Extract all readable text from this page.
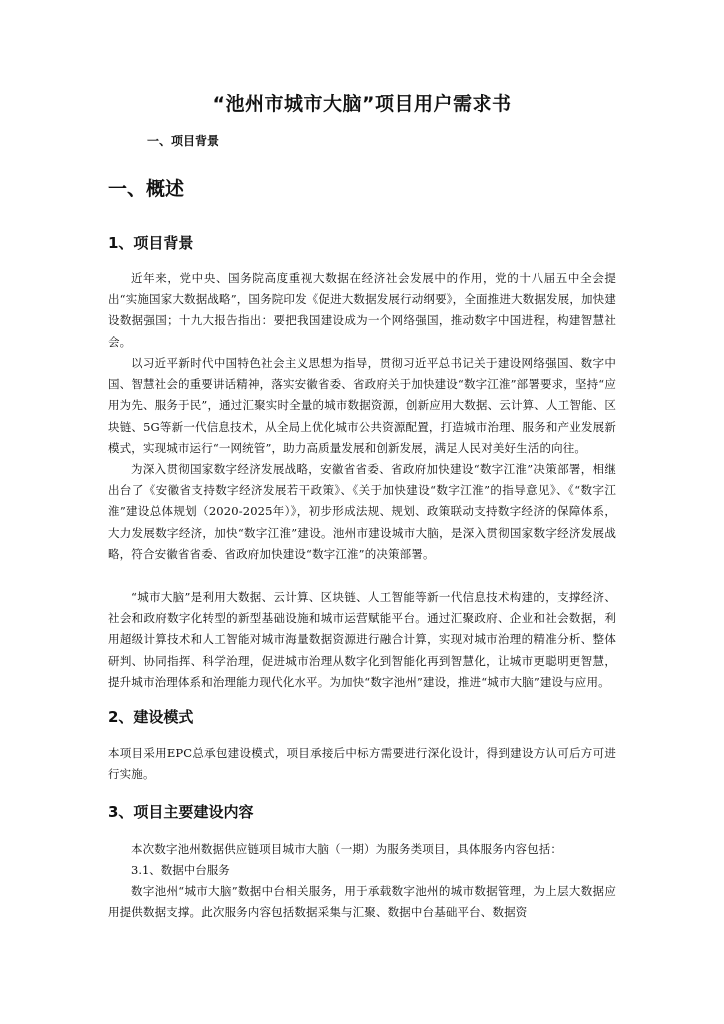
“池州市城市大脑”项目用户需求书
一、项目背景
一、概述
1、项目背景
近年来，党中央、国务院高度重视大数据在经济社会发展中的作用，党的十八届五中全会提出“实施国家大数据战略”，国务院印发《促进大数据发展行动纲要》，全面推进大数据发展，加快建设数据强国；十九大报告指出：要把我国建设成为一个网络强国，推动数字中国进程，构建智慧社会。
以习近平新时代中国特色社会主义思想为指导，贯彻习近平总书记关于建设网络强国、数字中国、智慧社会的重要讲话精神，落实安徽省委、省政府关于加快建设“数字江淮”部署要求，坚持“应用为先、服务于民”，通过汇聚实时全量的城市数据资源，创新应用大数据、云计算、人工智能、区块链、5G等新一代信息技术，从全局上优化城市公共资源配置，打造城市治理、服务和产业发展新模式，实现城市运行“一网统管”，助力高质量发展和创新发展，满足人民对美好生活的向往。
为深入贯彻国家数字经济发展战略，安徽省省委、省政府加快建设“数字江淮”决策部署，相继出台了《安徽省支持数字经济发展若干政策》、《关于加快建设“数字江淮”的指导意见》、《“数字江淮”建设总体规划（2020-2025年）》，初步形成法规、规划、政策联动支持数字经济的保障体系，大力发展数字经济，加快“数字江淮”建设。池州市建设城市大脑，是深入贯彻国家数字经济发展战略，符合安徽省省委、省政府加快建设“数字江淮”的决策部署。
“城市大脑”是利用大数据、云计算、区块链、人工智能等新一代信息技术构建的，支撑经济、社会和政府数字化转型的新型基础设施和城市运营赋能平台。通过汇聚政府、企业和社会数据，利用超级计算技术和人工智能对城市海量数据资源进行融合计算，实现对城市治理的精准分析、整体研判、协同指挥、科学治理，促进城市治理从数字化到智能化再到智慧化，让城市更聪明更智慧，提升城市治理体系和治理能力现代化水平。为加快“数字池州”建设，推进“城市大脑”建设与应用。
2、建设模式
本项目采用EPC总承包建设模式，项目承接后中标方需要进行深化设计，得到建设方认可后方可进行实施。
3、项目主要建设内容
本次数字池州数据供应链项目城市大脑（一期）为服务类项目，具体服务内容包括：
3.1、数据中台服务
数字池州“城市大脑”数据中台相关服务，用于承载数字池州的城市数据管理，为上层大数据应用提供数据支撑。此次服务内容包括数据采集与汇聚、数据中台基础平台、数据资
